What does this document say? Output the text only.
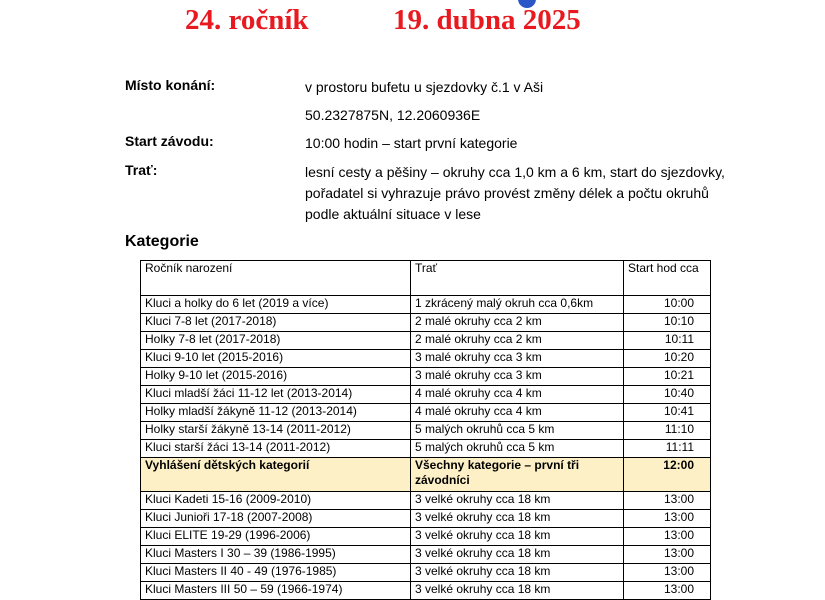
24. ročník	19. dubna 2025
Místo konání:	v prostoru bufetu u sjezdovky č.1 v Aši
50.2327875N, 12.2060936E
Start závodu:	10:00 hodin – start první kategorie
Trať:	lesní cesty a pěšiny – okruhy cca 1,0 km a 6 km, start do sjezdovky, pořadatel si vyhrazuje právo provést změny délek a počtu okruhů podle aktuální situace v lese
Kategorie
Ročník narození	Trať	Start hod cca
Kluci a holky do 6 let (2019 a více)	1 zkrácený malý okruh cca 0,6km	10:00
Kluci 7-8 let (2017-2018)	2 malé okruhy cca 2 km	10:10
Holky 7-8 let (2017-2018)	2 malé okruhy cca 2 km	10:11
Kluci 9-10 let (2015-2016)	3 malé okruhy cca 3 km	10:20
Holky 9-10 let (2015-2016)	3 malé okruhy cca 3 km	10:21
Kluci mladší žáci 11-12 let (2013-2014)	4 malé okruhy cca 4 km	10:40
Holky mladší žákyně 11-12 (2013-2014)	4 malé okruhy cca 4 km	10:41
Holky starší žákyně 13-14 (2011-2012)	5 malých okruhů cca 5 km	11:10
Kluci starší žáci 13-14 (2011-2012)	5 malých okruhů cca 5 km	11:11
Vyhlášení dětských kategorií	Všechny kategorie – první tři závodníci	12:00
Kluci Kadeti 15-16 (2009-2010)	3 velké okruhy cca 18 km	13:00
Kluci Junioři 17-18 (2007-2008)	3 velké okruhy cca 18 km	13:00
Kluci ELITE 19-29 (1996-2006)	3 velké okruhy cca 18 km	13:00
Kluci Masters I 30 – 39 (1986-1995)	3 velké okruhy cca 18 km	13:00
Kluci Masters II 40 - 49 (1976-1985)	3 velké okruhy cca 18 km	13:00
Kluci Masters III 50 – 59 (1966-1974)	3 velké okruhy cca 18 km	13:00
